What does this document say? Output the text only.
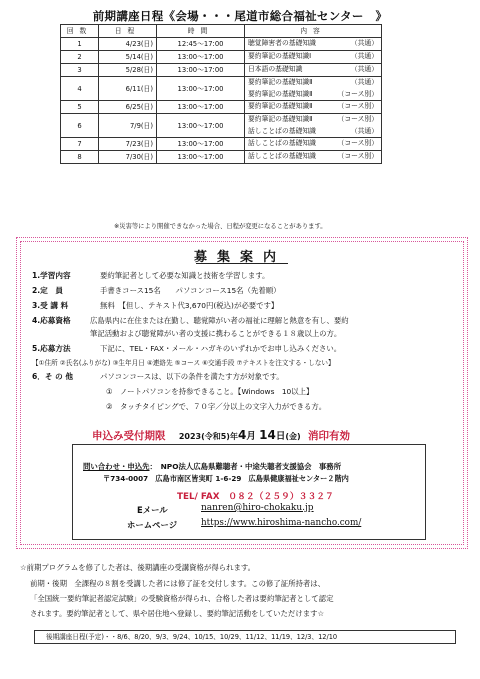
前期講座日程《会場・・・尾道市総合福祉センター　》
回数	日程	時間	内容
1	4/23(日)	12:45～17:00	聴覚障害者の基礎知識 （共通）

2	5/14(日)	13:00～17:00	要約筆記の基礎知識Ⅰ （共通）

3	5/28(日)	13:00～17:00	日本語の基礎知識 （共通）

4	6/11(日)	13:00～17:00	要約筆記の基礎知識Ⅱ （共通）
要約筆記の基礎知識Ⅱ （コース別）

5	6/25(日)	13:00～17:00	要約筆記の基礎知識Ⅱ （コース別）

6	7/9(日)	13:00～17:00	要約筆記の基礎知識Ⅱ （コース別）
話しことばの基礎知識 （共通）

7	7/23(日)	13:00～17:00	話しことばの基礎知識 （コース別）

8	7/30(日)	13:00～17:00	話しことばの基礎知識 （コース別）
※災害等により開催できなかった場合、日程が変更になることがあります。
募集案内
1.学習内容	要約筆記者として必要な知識と技術を学習します。
2.定　員	手書きコース15名　　パソコンコース15名（先着順）
3.受 講 料	無料　【但し、テキスト代3,670円(税込)が必要です】
4.応募資格	広島県内に在住または在勤し、聴覚障がい者の福祉に理解と熱意を有し、要約
筆記活動および聴覚障がい者の支援に携わることができる１８歳以上の方。
5.応募方法	下記に、TEL・FAX・メール・ハガキのいずれかでお申し込みください。
【①住所 ②氏名(ふりがな) ③生年月日 ④連絡先 ⑤コース ⑥交通手段 ⑦テキストを注文する・しない】
6．そ の 他	パソコンコースは、以下の条件を満たす方が対象です。
①　ノートパソコンを持参できること。【Windows　10以上】
②　タッチタイピングで、７０字／分以上の文字入力ができる方。
申込み受付期限 2023(令和5)年4月 14日(金) 消印有効
問い合わせ・申込先：　NPO法人広島県難聴者・中途失聴者支援協会　事務所
〒734-0007　広島市南区皆実町 1-6-29　広島県健康福祉センター２階内
TEL/ FAX　０８２（２５９）３３２７
Eメール	nanren@hiro-chokaku.jp
ホームページ	https://www.hiroshima-nancho.com/
☆前期プログラムを修了した者は、後期講座の受講資格が得られます。
前期・後期　全課程の８割を受講した者には修了証を交付します。この修了証所持者は、
「全国統一要約筆記者認定試験」の受験資格が得られ、合格した者は要約筆記者として認定
されます。要約筆記者として、県や居住地へ登録し、要約筆記活動をしていただけます☆
後期講座日程(予定)・・8/6、8/20、9/3、9/24、10/15、10/29、11/12、11/19、12/3、12/10
